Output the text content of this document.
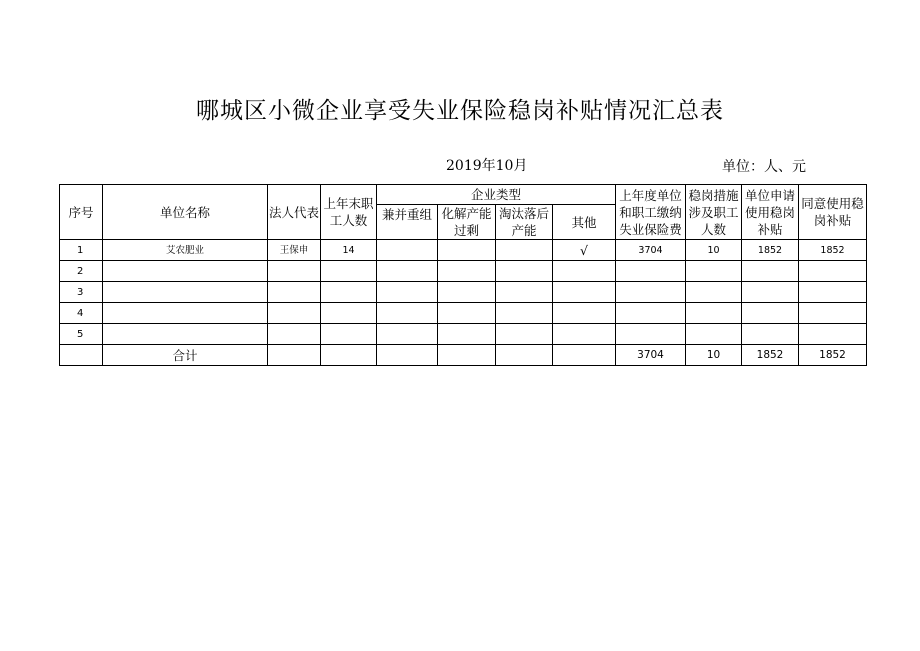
哪城区小微企业享受失业保险稳岗补贴情况汇总表
2019年10月	单位：人、元
序号	单位名称	法人代表	上年末职工人数	企业类型				上年度单位和职工缴纳失业保险费	稳岗措施涉及职工人数	单位申请使用稳岗补贴	同意使用稳岗补贴

				兼并重组	化解产能过剩	淘汰落后产能	其他				
1	艾农肥业	王保申	14				√	3704	10	1852	1852
2											
3											
4											
5											
	合计							3704	10	1852	1852
